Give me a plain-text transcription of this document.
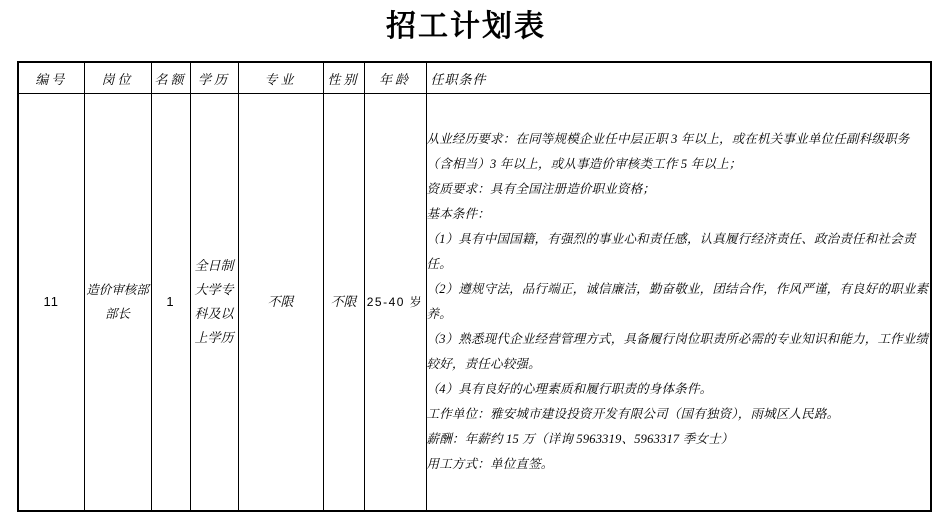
招工计划表
编号	岗位	名额	学历	专业	性别	年龄	任职条件
11	造价审核部部长	1	全日制大学专科及以上学历	不限	不限	25-40 岁	
从业经历要求：在同等规模企业任中层正职 3 年以上，或在机关事业单位任副科级职务（含相当）3 年以上，或从事造价审核类工作 5 年以上；
资质要求：具有全国注册造价职业资格；
基本条件：
（1）具有中国国籍，有强烈的事业心和责任感，认真履行经济责任、政治责任和社会责任。
（2）遵规守法，品行端正，诚信廉洁，勤奋敬业，团结合作，作风严谨，有良好的职业素养。
（3）熟悉现代企业经营管理方式，具备履行岗位职责所必需的专业知识和能力，工作业绩较好，责任心较强。
（4）具有良好的心理素质和履行职责的身体条件。
工作单位：雅安城市建设投资开发有限公司（国有独资），雨城区人民路。
薪酬：年薪约 15 万（详询 5963319、5963317 季女士）
用工方式：单位直签。
